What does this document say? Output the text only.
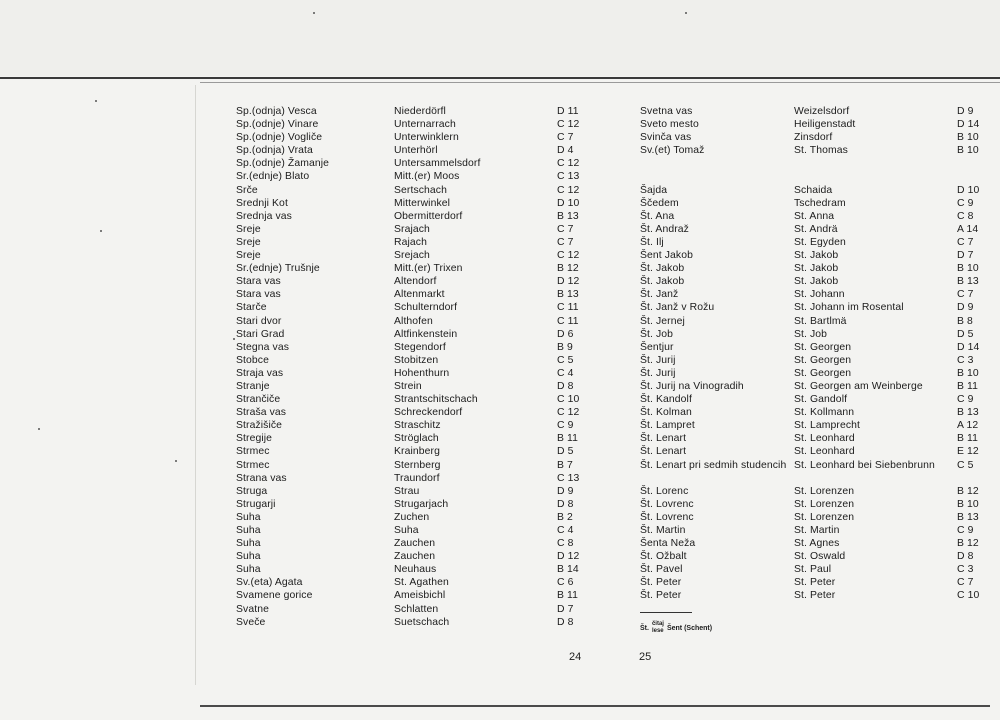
Sp.(odnja) Vesca
Sp.(odnje) Vinare
Sp.(odnje) Vogliče
Sp.(odnja) Vrata
Sp.(odnje) Žamanje
Sr.(ednje) Blato
Srče
Srednji Kot
Srednja vas
Sreje
Sreje
Sreje
Sr.(ednje) Trušnje
Stara vas
Stara vas
Starče
Stari dvor
Stari Grad
Stegna vas
Stobce
Straja vas
Stranje
Strančiče
Straša vas
Stražišiče
Stregije
Strmec
Strmec
Strana vas
Struga
Strugarji
Suha
Suha
Suha
Suha
Suha
Sv.(eta) Agata
Svamene gorice
Svatne
Sveče
Niederdörfl
Unternarrach
Unterwinklern
Unterhörl
Untersammelsdorf
Mitt.(er) Moos
Sertschach
Mitterwinkel
Obermitterdorf
Srajach
Rajach
Srejach
Mitt.(er) Trixen
Altendorf
Altenmarkt
Schulterndorf
Althofen
Altfinkenstein
Stegendorf
Stobitzen
Hohenthurn
Strein
Strantschitschach
Schreckendorf
Straschitz
Ströglach
Krainberg
Sternberg
Traundorf
Strau
Strugarjach
Zuchen
Suha
Zauchen
Zauchen
Neuhaus
St. Agathen
Ameisbichl
Schlatten
Suetschach
D 11
C 12
C 7
D 4
C 12
C 13
C 12
D 10
B 13
C 7
C 7
C 12
B 12
D 12
B 13
C 11
C 11
D 6
B 9
C 5
C 4
D 8
C 10
C 12
C 9
B 11
D 5
B 7
C 13
D 9
D 8
B 2
C 4
C 8
D 12
B 14
C 6
B 11
D 7
D 8
Svetna vas
Sveto mesto
Svinča vas
Sv.(et) Tomaž
Šajda
Ščedem
Št. Ana
Št. Andraž
Št. Ilj
Šent Jakob
Št. Jakob
Št. Jakob
Št. Janž
Št. Janž v Rožu
Št. Jernej
Št. Job
Šentjur
Št. Jurij
Št. Jurij
Št. Jurij na Vinogradih
Št. Kandolf
Št. Kolman
Št. Lampret
Št. Lenart
Št. Lenart
Št. Lenart pri sedmih studencih
Št. Lorenc
Št. Lovrenc
Št. Lovrenc
Št. Martin
Šenta Neža
Št. Ožbalt
Št. Pavel
Št. Peter
Št. Peter
Weizelsdorf
Heiligenstadt
Zinsdorf
St. Thomas
Schaida
Tschedram
St. Anna
St. Andrä
St. Egyden
St. Jakob
St. Jakob
St. Jakob
St. Johann
St. Johann im Rosental
St. Bartlmä
St. Job
St. Georgen
St. Georgen
St. Georgen
St. Georgen am Weinberge
St. Gandolf
St. Kollmann
St. Lamprecht
St. Leonhard
St. Leonhard
St. Leonhard bei Siebenbrunn
St. Lorenzen
St. Lorenzen
St. Lorenzen
St. Martin
St. Agnes
St. Oswald
St. Paul
St. Peter
St. Peter
D 9
D 14
B 10
B 10
D 10
C 9
C 8
A 14
C 7
D 7
B 10
B 13
C 7
D 9
B 8
D 5
D 14
C 3
B 10
B 11
C 9
B 13
A 12
B 11
E 12
C 5
B 12
B 10
B 13
C 9
B 12
D 8
C 3
C 7
C 10
24	25
Št.
čitaj
lese Šent (Schent)
